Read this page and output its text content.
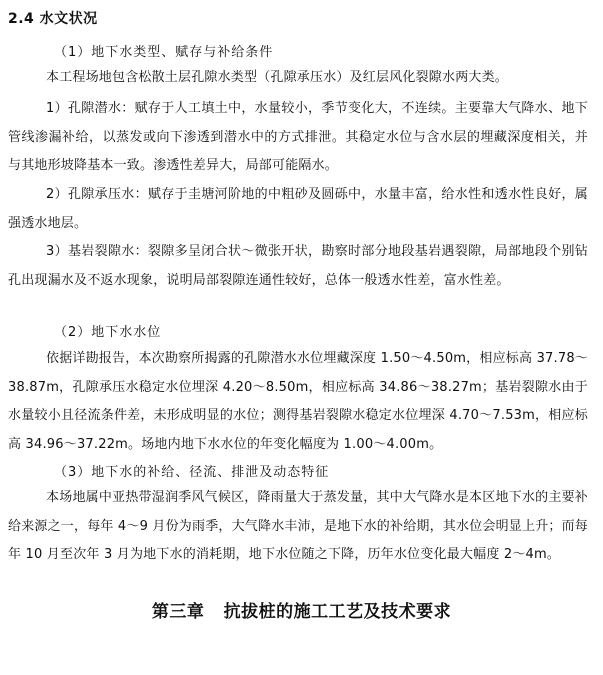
2.4 水文状况

（1）地下水类型、赋存与补给条件

本工程场地包含松散土层孔隙水类型（孔隙承压水）及红层风化裂隙水两大类。

1）孔隙潜水：赋存于人工填土中，水量较小，季节变化大，不连续。主要靠大气降水、地下管线渗漏补给，以蒸发或向下渗透到潜水中的方式排泄。其稳定水位与含水层的埋藏深度相关，并与其地形坡降基本一致。渗透性差异大，局部可能隔水。

2）孔隙承压水：赋存于圭塘河阶地的中粗砂及圆砾中，水量丰富，给水性和透水性良好，属强透水地层。

3）基岩裂隙水：裂隙多呈闭合状～微张开状，勘察时部分地段基岩遇裂隙，局部地段个别钻孔出现漏水及不返水现象，说明局部裂隙连通性较好，总体一般透水性差，富水性差。

（2）地下水水位

依据详勘报告，本次勘察所揭露的孔隙潜水水位埋藏深度 1.50～4.50m，相应标高 37.78～38.87m，孔隙承压水稳定水位埋深 4.20～8.50m，相应标高 34.86～38.27m；基岩裂隙水由于水量较小且径流条件差，未形成明显的水位；测得基岩裂隙水稳定水位埋深 4.70～7.53m，相应标高 34.96～37.22m。场地内地下水水位的年变化幅度为 1.00～4.00m。

（3）地下水的补给、径流、排泄及动态特征

本场地属中亚热带湿润季风气候区，降雨量大于蒸发量，其中大气降水是本区地下水的主要补给来源之一，每年 4～9 月份为雨季，大气降水丰沛，是地下水的补给期，其水位会明显上升；而每年 10 月至次年 3 月为地下水的消耗期，地下水位随之下降，历年水位变化最大幅度 2～4m。

第三章   抗拔桩的施工工艺及技术要求
